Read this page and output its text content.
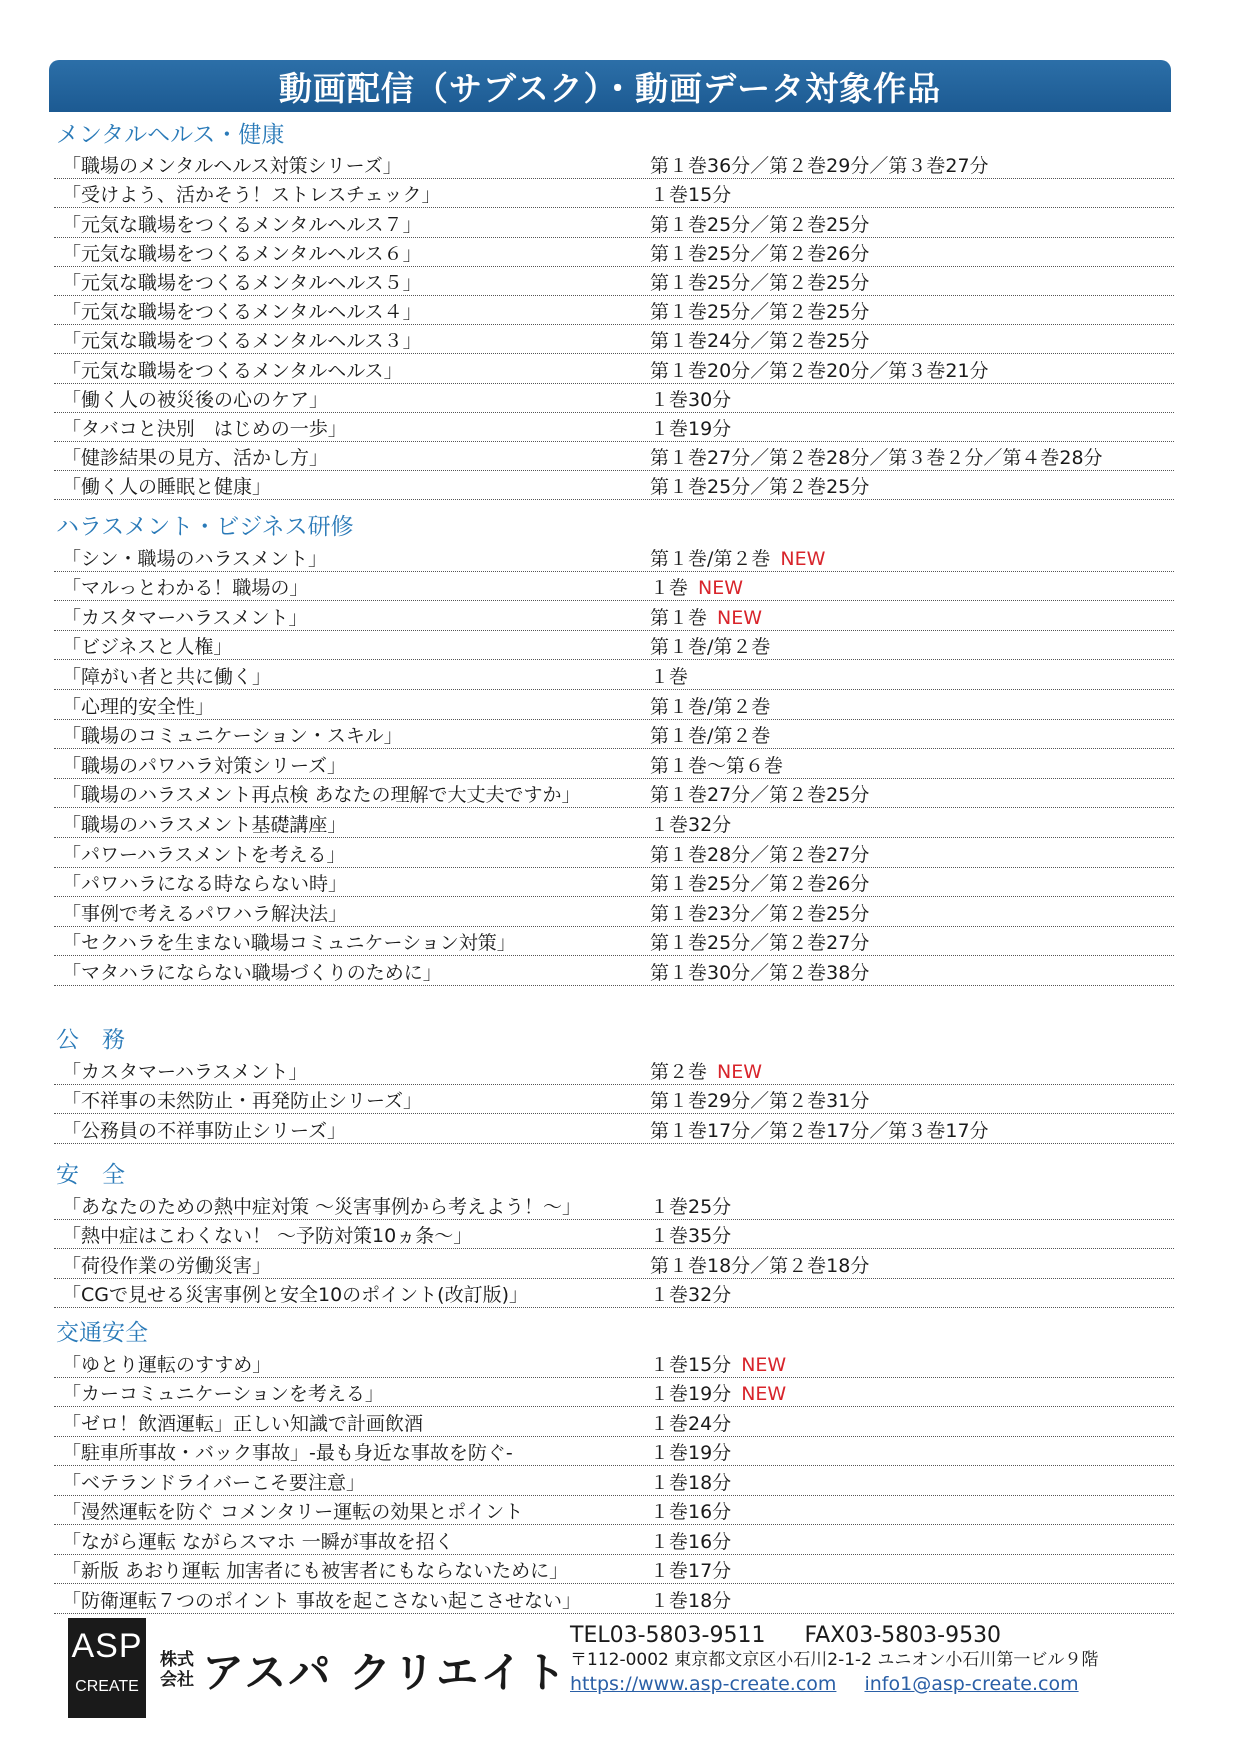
動画配信（サブスク）・動画データ対象作品
メンタルヘルス・健康
「職場のメンタルヘルス対策シリーズ」	第１巻36分／第２巻29分／第３巻27分
「受けよう、活かそう！ストレスチェック」	１巻15分
「元気な職場をつくるメンタルヘルス７」	第１巻25分／第２巻25分
「元気な職場をつくるメンタルヘルス６」	第１巻25分／第２巻26分
「元気な職場をつくるメンタルヘルス５」	第１巻25分／第２巻25分
「元気な職場をつくるメンタルヘルス４」	第１巻25分／第２巻25分
「元気な職場をつくるメンタルヘルス３」	第１巻24分／第２巻25分
「元気な職場をつくるメンタルヘルス」	第１巻20分／第２巻20分／第３巻21分
「働く人の被災後の心のケア」	１巻30分
「タバコと決別　はじめの一歩」	１巻19分
「健診結果の見方、活かし方」	第１巻27分／第２巻28分／第３巻２分／第４巻28分
「働く人の睡眠と健康」	第１巻25分／第２巻25分
ハラスメント・ビジネス研修
「シン・職場のハラスメント」	第１巻/第２巻 NEW
「マルっとわかる！職場の」	１巻 NEW
「カスタマーハラスメント」	第１巻 NEW
「ビジネスと人権」	第１巻/第２巻
「障がい者と共に働く」	１巻
「心理的安全性」	第１巻/第２巻
「職場のコミュニケーション・スキル」	第１巻/第２巻
「職場のパワハラ対策シリーズ」	第１巻～第６巻
「職場のハラスメント再点検 あなたの理解で大丈夫ですか」	第１巻27分／第２巻25分
「職場のハラスメント基礎講座」	１巻32分
「パワーハラスメントを考える」	第１巻28分／第２巻27分
「パワハラになる時ならない時」	第１巻25分／第２巻26分
「事例で考えるパワハラ解決法」	第１巻23分／第２巻25分
「セクハラを生まない職場コミュニケーション対策」	第１巻25分／第２巻27分
「マタハラにならない職場づくりのために」	第１巻30分／第２巻38分
公　務
「カスタマーハラスメント」	第２巻 NEW
「不祥事の未然防止・再発防止シリーズ」	第１巻29分／第２巻31分
「公務員の不祥事防止シリーズ」	第１巻17分／第２巻17分／第３巻17分
安　全
「あなたのための熱中症対策 ～災害事例から考えよう！～」	１巻25分
「熱中症はこわくない！ ～予防対策10ヵ条～」	１巻35分
「荷役作業の労働災害」	第１巻18分／第２巻18分
「CGで見せる災害事例と安全10のポイント(改訂版)」	１巻32分
交通安全
「ゆとり運転のすすめ」	１巻15分 NEW
「カーコミュニケーションを考える」	１巻19分 NEW
「ゼロ！飲酒運転」正しい知識で計画飲酒	１巻24分
「駐車所事故・バック事故」-最も身近な事故を防ぐ-	１巻19分
「ベテランドライバーこそ要注意」	１巻18分
「漫然運転を防ぐ コメンタリー運転の効果とポイント	１巻16分
「ながら運転 ながらスマホ 一瞬が事故を招く	１巻16分
「新版 あおり運転 加害者にも被害者にもならないために」	１巻17分
「防衛運転７つのポイント 事故を起こさない起こさせない」	１巻18分
ASP
CREATE
株式
会社 アスパ クリエイト
TEL03-5803-9511 FAX03-5803-9530
〒112-0002 東京都文京区小石川2-1-2 ユニオン小石川第一ビル９階
https://www.asp-create.com info1@asp-create.com
